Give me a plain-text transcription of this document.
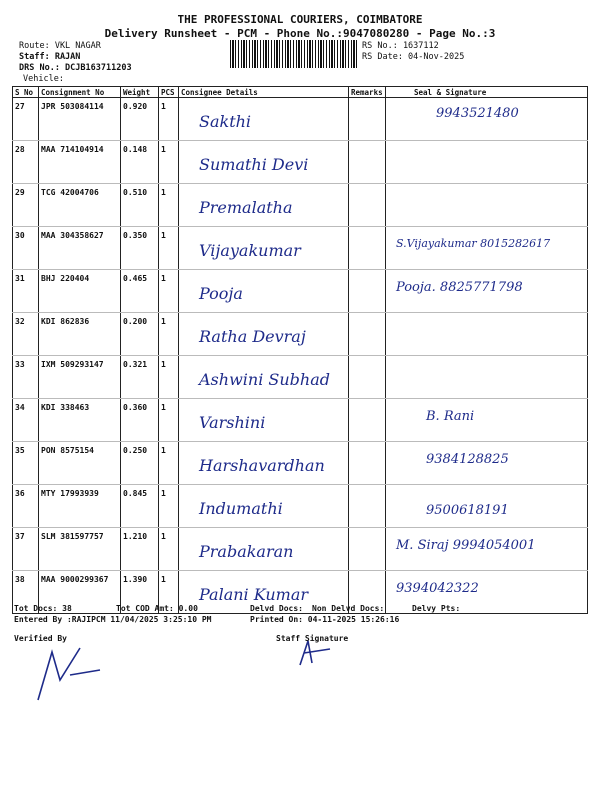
THE PROFESSIONAL COURIERS, COIMBATORE
Delivery Runsheet - PCM - Phone No.:9047080280 - Page No.:3
Route: VKL NAGAR
Staff: RAJAN
DRS No.: DCJB163711203
Vehicle:
RS No.: 1637112
RS Date: 04-Nov-2025
S No	Consignment No	Weight	PCS	Consignee Details	Remarks	Seal & Signature
27	JPR 503084114	0.920	1	Sakthi		9943521480

28	MAA 714104914	0.148	1	Sumathi Devi		

29	TCG 42004706	0.510	1	Premalatha		

30	MAA 304358627	0.350	1	Vijayakumar		S.Vijayakumar 8015282617

31	BHJ 220404	0.465	1	Pooja		Pooja. 8825771798

32	KDI 862836	0.200	1	Ratha Devraj		

33	IXM 509293147	0.321	1	Ashwini Subhad		

34	KDI 338463	0.360	1	Varshini		B. Rani

35	PON 8575154	0.250	1	Harshavardhan		9384128825

36	MTY 17993939	0.845	1	Indumathi		9500618191

37	SLM 381597757	1.210	1	Prabakaran		M. Siraj 9994054001

38	MAA 9000299367	1.390	1	Palani Kumar		9394042322
Tot Docs: 38	Tot COD Amt: 0.00	Delvd Docs: Non Delvd Docs:	Delvy Pts:
Entered By :RAJIPCM 11/04/2025 3:25:10 PM	Printed On: 04-11-2025 15:26:16
Verified By	Staff Signature
